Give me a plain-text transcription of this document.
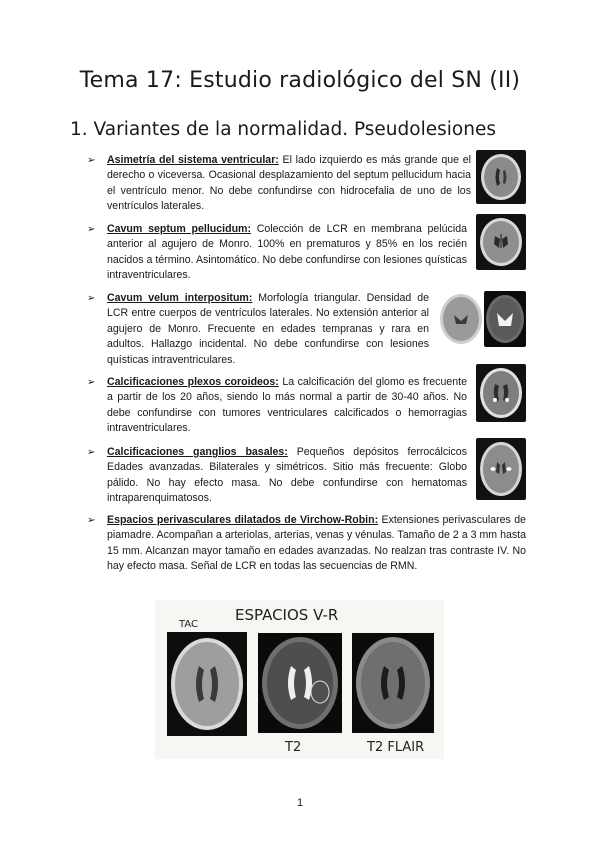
Tema 17: Estudio radiológico del SN (II)
1. Variantes de la normalidad. Pseudolesiones
➢ Asimetría del sistema ventricular: El lado izquierdo es más grande que el derecho o viceversa. Ocasional desplazamiento del septum pellucidum hacia el ventrículo menor. No debe confundirse con hidrocefalia de uno de los ventrículos laterales.
➢ Cavum septum pellucidum: Colección de LCR en membrana pelúcida anterior al agujero de Monro. 100% en prematuros y 85% en los recién nacidos a término. Asintomático. No debe confundirse con lesiones quísticas intraventriculares.
➢ Cavum velum interpositum: Morfología triangular. Densidad de LCR entre cuerpos de ventrículos laterales. No extensión anterior al agujero de Monro. Frecuente en edades tempranas y rara en adultos. Hallazgo incidental. No debe confundirse con lesiones quísticas intraventriculares.
➢ Calcificaciones plexos coroideos: La calcificación del glomo es frecuente a partir de los 20 años, siendo lo más normal a partir de 30-40 años. No debe confundirse con tumores ventriculares calcificados o hemorragias intraventriculares.
➢ Calcificaciones ganglios basales: Pequeños depósitos ferrocálcicos Edades avanzadas. Bilaterales y simétricos. Sitio más frecuente: Globo pálido. No hay efecto masa. No debe confundirse con hematomas intraparenquimatosos.
➢ Espacios perivasculares dilatados de Virchow-Robin: Extensiones perivasculares de piamadre. Acompañan a arteriolas, arterias, venas y vénulas. Tamaño de 2 a 3 mm hasta 15 mm. Alcanzan mayor tamaño en edades avanzadas. No realzan tras contraste IV. No hay efecto masa. Señal de LCR en todas las secuencias de RMN.
ESPACIOS V-R
TAC
T2	T2 FLAIR
1
